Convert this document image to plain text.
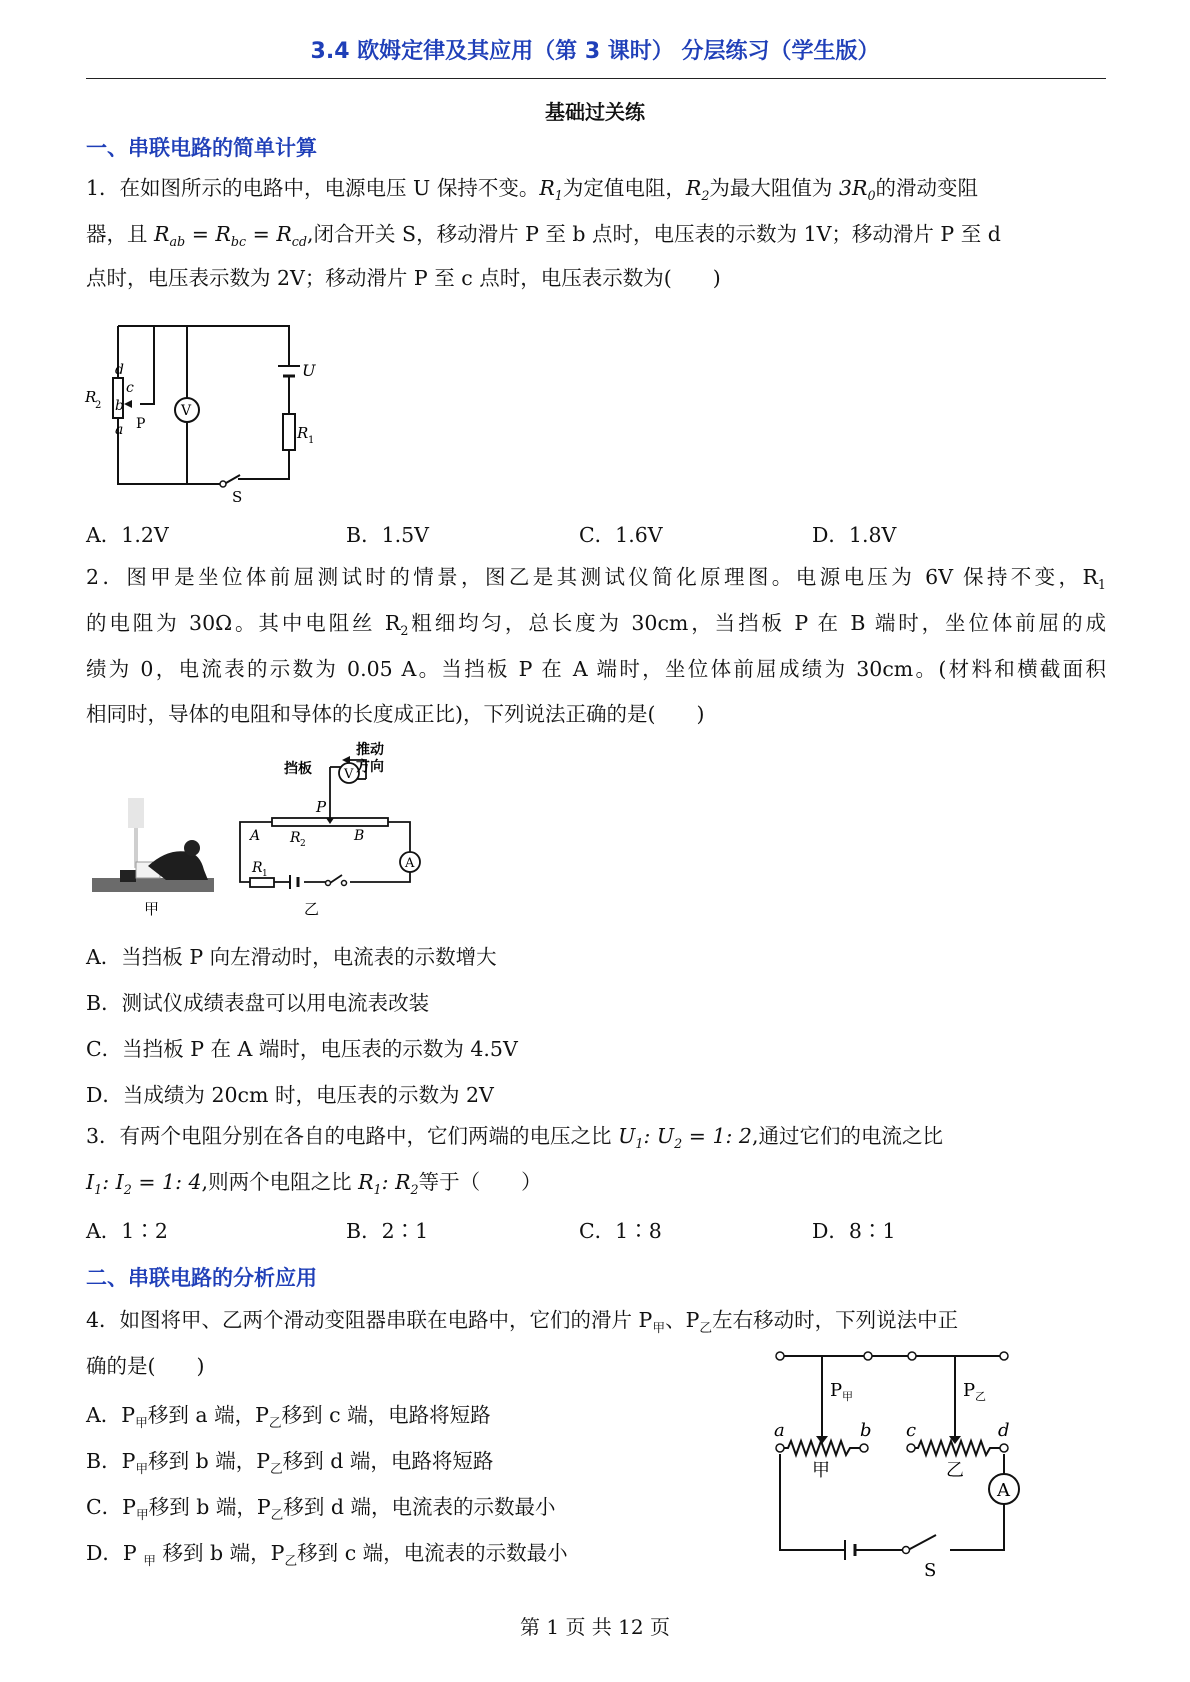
3.4 欧姆定律及其应用（第 3 课时） 分层练习（学生版）
基础过关练
一、串联电路的简单计算
1．在如图所示的电路中，电源电压 U 保持不变。$R_1$为定值电阻，$R_2$为最大阻值为 $3R_0$的滑动变阻
器，且 $R_{ab} = R_{bc} = R_{cd}$,闭合开关 S，移动滑片 P 至 b 点时，电压表的示数为 1V；移动滑片 P 至 d
点时，电压表示数为 2V；移动滑片 P 至 c 点时，电压表示数为(　　)
V
U
R 1
R
2
d
c
b
a P
S
A．1.2V	B．1.5V	C．1.6V	D．1.8V
2．图甲是坐位体前屈测试时的情景，图乙是其测试仪简化原理图。电源电压为 6V 保持不变，$R_1$
的电阻为 30Ω。其中电阻丝 $R_2$粗细均匀，总长度为 30cm，当挡板 P 在 B 端时，坐位体前屈的成
绩为 0，电流表的示数为 0.05 A。当挡板 P 在 A 端时，坐位体前屈成绩为 30cm。(材料和横截面积
相同时，导体的电阻和导体的长度成正比)，下列说法正确的是(　　)
甲
V
A
推动
方向
挡板
P
A R 2	B
R 1
乙
A．当挡板 P 向左滑动时，电流表的示数增大
B．测试仪成绩表盘可以用电流表改装
C．当挡板 P 在 A 端时，电压表的示数为 4.5V
D．当成绩为 20cm 时，电压表的示数为 2V
3．有两个电阻分别在各自的电路中，它们两端的电压之比 $U_1$: $U_2 = 1$: 2,通过它们的电流之比
$I_1$: $I_2 = 1$: 4,则两个电阻之比 $R_1$: $R_2$等于（　　）
A．1∶2	B．2∶1	C．1∶8	D．8∶1
二、串联电路的分析应用
4．如图将甲、乙两个滑动变阻器串联在电路中，它们的滑片 $P_甲$、$P_乙$左右移动时，下列说法中正
确的是(　　)
A．$P_甲$移到 a 端，$P_乙$移到 c 端，电路将短路
B．$P_甲$移到 b 端，$P_乙$移到 d 端，电路将短路
C．$P_甲$移到 b 端，$P_乙$移到 d 端，电流表的示数最小
D．P $_甲$ 移到 b 端，$P_乙$移到 c 端，电流表的示数最小
A
P 甲	P 乙
a	b c	d
甲	乙
S
第 1 页 共 12 页
